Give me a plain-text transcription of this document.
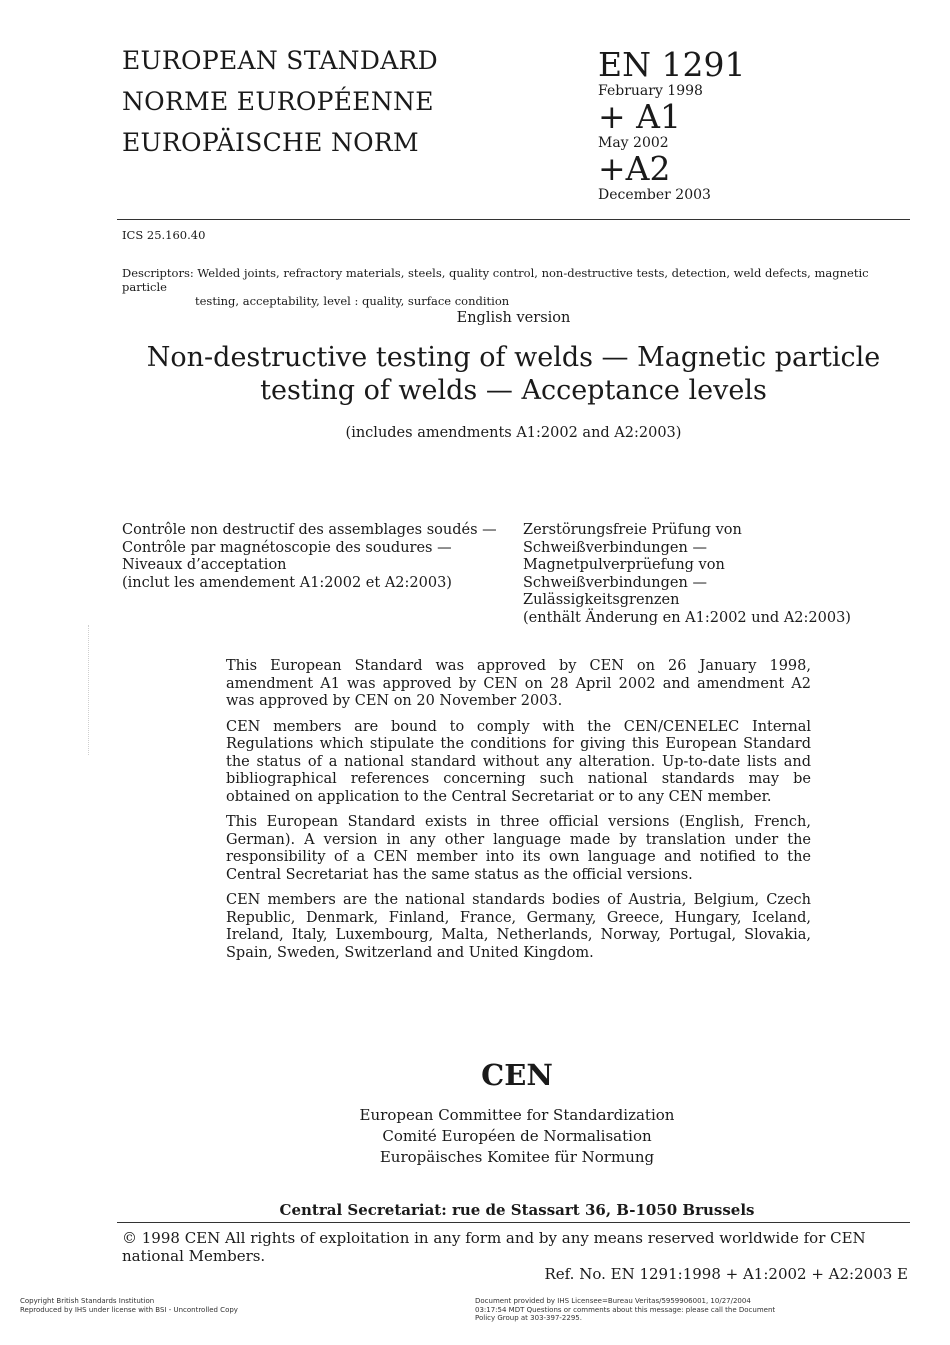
EUROPEAN STANDARD
NORME EUROPÉENNE
EUROPÄISCHE NORM
EN 1291
February 1998
+ A1
May 2002
+A2
December 2003
ICS 25.160.40
Descriptors: Welded joints, refractory materials, steels, quality control, non-destructive tests, detection, weld defects, magnetic particle
testing, acceptability, level : quality, surface condition
English version
Non-destructive testing of welds — Magnetic particle
testing of welds — Acceptance levels
(includes amendments A1:2002 and A2:2003)
Contrôle non destructif des assemblages soudés —
Contrôle par magnétoscopie des soudures —
Niveaux d’acceptation
(inclut les amendement A1:2002 et A2:2003)
Zerstörungsfreie Prüfung von
Schweißverbindungen —
Magnetpulverprüefung von
Schweißverbindungen —
Zulässigkeitsgrenzen
(enthält Änderung en A1:2002 und A2:2003)

This European Standard was approved by CEN on 26 January 1998, amendment A1 was approved by CEN on 28 April 2002 and amendment A2 was approved by CEN on 20 November 2003.

CEN members are bound to comply with the CEN/CENELEC Internal Regulations which stipulate the conditions for giving this European Standard the status of a national standard without any alteration. Up-to-date lists and bibliographical references concerning such national standards may be obtained on application to the Central Secretariat or to any CEN member.

This European Standard exists in three official versions (English, French, German). A version in any other language made by translation under the responsibility of a CEN member into its own language and notified to the Central Secretariat has the same status as the official versions.

CEN members are the national standards bodies of Austria, Belgium, Czech Republic, Denmark, Finland, France, Germany, Greece, Hungary, Iceland, Ireland, Italy, Luxembourg, Malta, Netherlands, Norway, Portugal, Slovakia, Spain, Sweden, Switzerland and United Kingdom.

CEN
European Committee for Standardization
Comité Européen de Normalisation
Europäisches Komitee für Normung
Central Secretariat: rue de Stassart 36, B-1050 Brussels
© 1998 CEN All rights of exploitation in any form and by any means reserved worldwide for CEN national Members.
Ref. No. EN 1291:1998 + A1:2002 + A2:2003 E
Copyright British Standards Institution
Reproduced by IHS under license with BSI - Uncontrolled Copy
Document provided by IHS Licensee=Bureau Veritas/5959906001, 10/27/2004
03:17:54 MDT Questions or comments about this message: please call the Document
Policy Group at 303-397-2295.
